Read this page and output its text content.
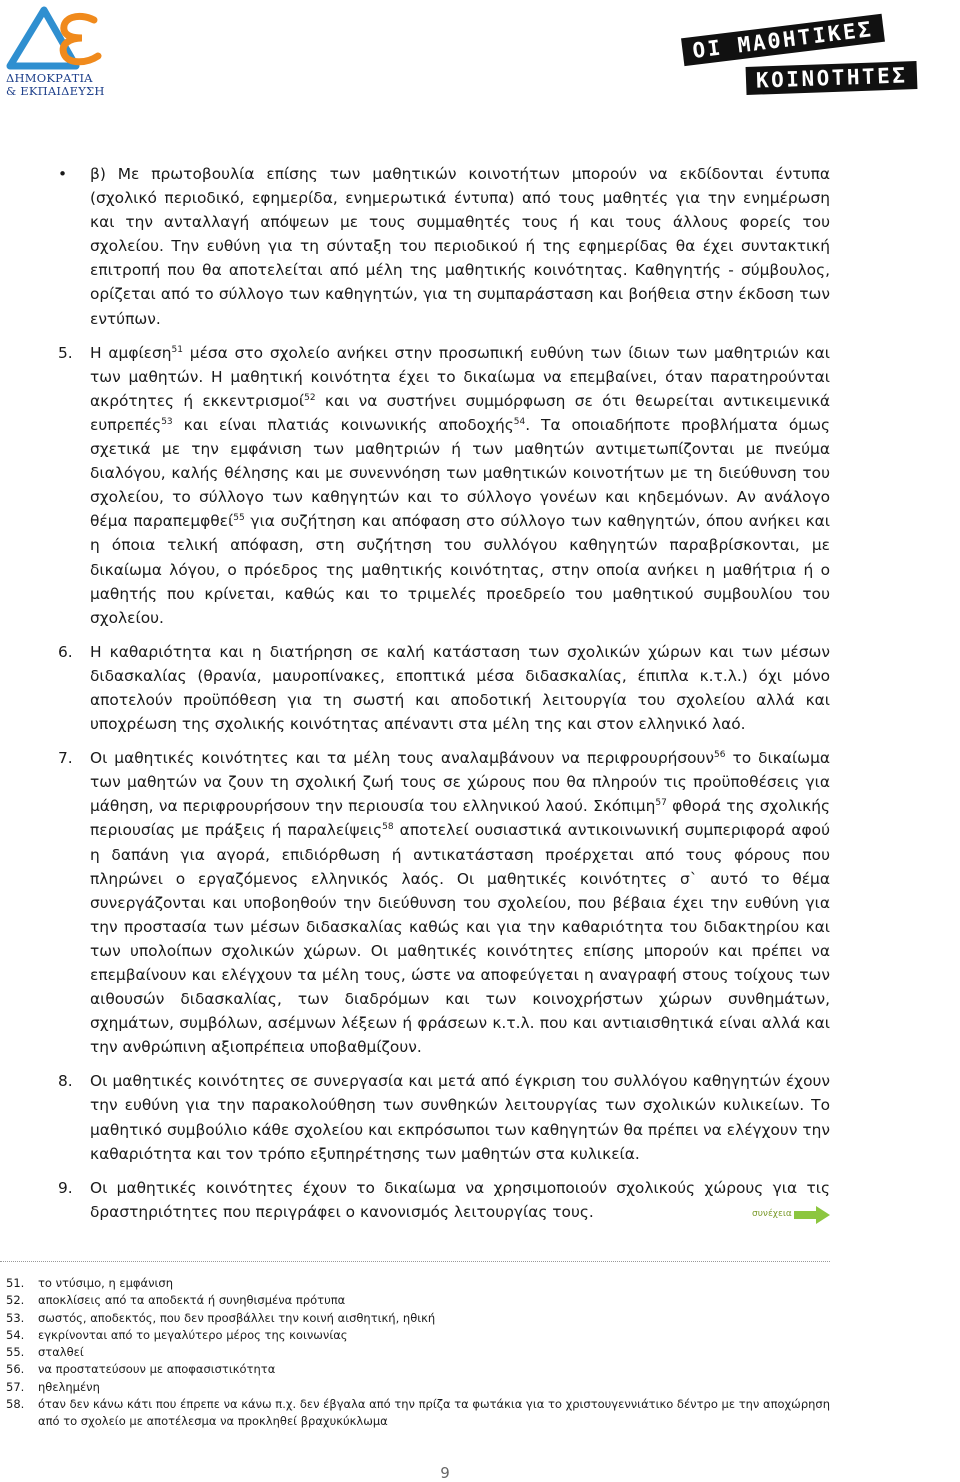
ΔΗΜΟΚΡΑΤΙΑ
& ΕΚΠΑΙΔΕΥΣΗ
ΟΙ ΜΑΘΗΤΙΚΕΣ
ΚΟΙΝΟΤΗΤΕΣ
•	β) Με πρωτοβουλία επίσης των μαθητικών κοινοτήτων μπορούν να εκδίδονται έντυπα (σχολικό περιοδικό, εφημερίδα, ενημερωτικά έντυπα) από τους μαθητές για την ενημέρωση και την ανταλλαγή απόψεων με τους συμμαθητές τους ή και τους άλλους φορείς του σχολείου. Την ευθύνη για τη σύνταξη του περιοδικού ή της εφημερίδας θα έχει συντακτική επιτροπή που θα αποτελείται από μέλη της μαθητικής κοινότητας. Καθηγητής - σύμβουλος, ορίζεται από το σύλλογο των καθηγητών, για τη συμπαράσταση και βοήθεια στην έκδοση των εντύπων.
5.	Η αμφίεση$^{51}$ μέσα στο σχολείο ανήκει στην προσωπική ευθύνη των ίδιων των μαθητριών και των μαθητών. Η μαθητική κοινότητα έχει το δικαίωμα να επεμβαίνει, όταν παρατηρούνται ακρότητες ή εκκεντρισμοί$^{52}$ και να συστήνει συμμόρφωση σε ότι θεωρείται αντικειμενικά ευπρεπές$^{53}$ και είναι πλατιάς κοινωνικής αποδοχής$^{54}$. Τα οποιαδήποτε προβλήματα όμως σχετικά με την εμφάνιση των μαθητριών ή των μαθητών αντιμετωπίζονται με πνεύμα διαλόγου, καλής θέλησης και με συνεννόηση των μαθητικών κοινοτήτων με τη διεύθυνση του σχολείου, το σύλλογο των καθηγητών και το σύλλογο γονέων και κηδεμόνων. Αν ανάλογο θέμα παραπεμφθεί$^{55}$ για συζήτηση και απόφαση στο σύλλογο των καθηγητών, όπου ανήκει και η όποια τελική απόφαση, στη συζήτηση του συλλόγου καθηγητών παραβρίσκονται, με δικαίωμα λόγου, ο πρόεδρος της μαθητικής κοινότητας, στην οποία ανήκει η μαθήτρια ή ο μαθητής που κρίνεται, καθώς και το τριμελές προεδρείο του μαθητικού συμβουλίου του σχολείου.
6.	Η καθαριότητα και η διατήρηση σε καλή κατάσταση των σχολικών χώρων και των μέσων διδασκαλίας (θρανία, μαυροπίνακες, εποπτικά μέσα διδασκαλίας, έπιπλα κ.τ.λ.) όχι μόνο αποτελούν προϋπόθεση για τη σωστή και αποδοτική λειτουργία του σχολείου αλλά και υποχρέωση της σχολικής κοινότητας απέναντι στα μέλη της και στον ελληνικό λαό.
7.	Οι μαθητικές κοινότητες και τα μέλη τους αναλαμβάνουν να περιφρουρήσουν$^{56}$ το δικαίωμα των μαθητών να ζουν τη σχολική ζωή τους σε χώρους που θα πληρούν τις προϋποθέσεις για μάθηση, να περιφρουρήσουν την περιουσία του ελληνικού λαού. Σκόπιμη$^{57}$ φθορά της σχολικής περιουσίας με πράξεις ή παραλείψεις$^{58}$ αποτελεί ουσιαστικά αντικοινωνική συμπεριφορά αφού η δαπάνη για αγορά, επιδιόρθωση ή αντικατάσταση προέρχεται από τους φόρους που πληρώνει ο εργαζόμενος ελληνικός λαός. Οι μαθητικές κοινότητες σ` αυτό το θέμα συνεργάζονται και υποβοηθούν την διεύθυνση του σχολείου, που βέβαια έχει την ευθύνη για την προστασία των μέσων διδασκαλίας καθώς και για την καθαριότητα του διδακτηρίου και των υπολοίπων σχολικών χώρων. Οι μαθητικές κοινότητες επίσης μπορούν και πρέπει να επεμβαίνουν και ελέγχουν τα μέλη τους, ώστε να αποφεύγεται η αναγραφή στους τοίχους των αιθουσών διδασκαλίας, των διαδρόμων και των κοινοχρήστων χώρων συνθημάτων, σχημάτων, συμβόλων, ασέμνων λέξεων ή φράσεων κ.τ.λ. που και αντιαισθητικά είναι αλλά και την ανθρώπινη αξιοπρέπεια υποβαθμίζουν.
8.	Οι μαθητικές κοινότητες σε συνεργασία και μετά από έγκριση του συλλόγου καθηγητών έχουν την ευθύνη για την παρακολούθηση των συνθηκών λειτουργίας των σχολικών κυλικείων. Το μαθητικό συμβούλιο κάθε σχολείου και εκπρόσωποι των καθηγητών θα πρέπει να ελέγχουν την καθαριότητα και τον τρόπο εξυπηρέτησης των μαθητών στα κυλικεία.
9.	Οι μαθητικές κοινότητες έχουν το δικαίωμα να χρησιμοποιούν σχολικούς χώρους για τις δραστηριότητες που περιγράφει ο κανονισμός λειτουργίας τους.	συνέχεια
51. το ντύσιμο, η εμφάνιση
52. αποκλίσεις από τα αποδεκτά ή συνηθισμένα πρότυπα
53. σωστός, αποδεκτός, που δεν προσβάλλει την κοινή αισθητική, ηθική
54. εγκρίνονται από το μεγαλύτερο μέρος της κοινωνίας
55. σταλθεί
56. να προστατεύσουν με αποφασιστικότητα
57. ηθελημένη
58. όταν δεν κάνω κάτι που έπρεπε να κάνω π.χ. δεν έβγαλα από την πρίζα τα φωτάκια για το χριστουγεννιάτικο δέντρο με την αποχώρηση από το σχολείο με αποτέλεσμα να προκληθεί βραχυκύκλωμα
9
